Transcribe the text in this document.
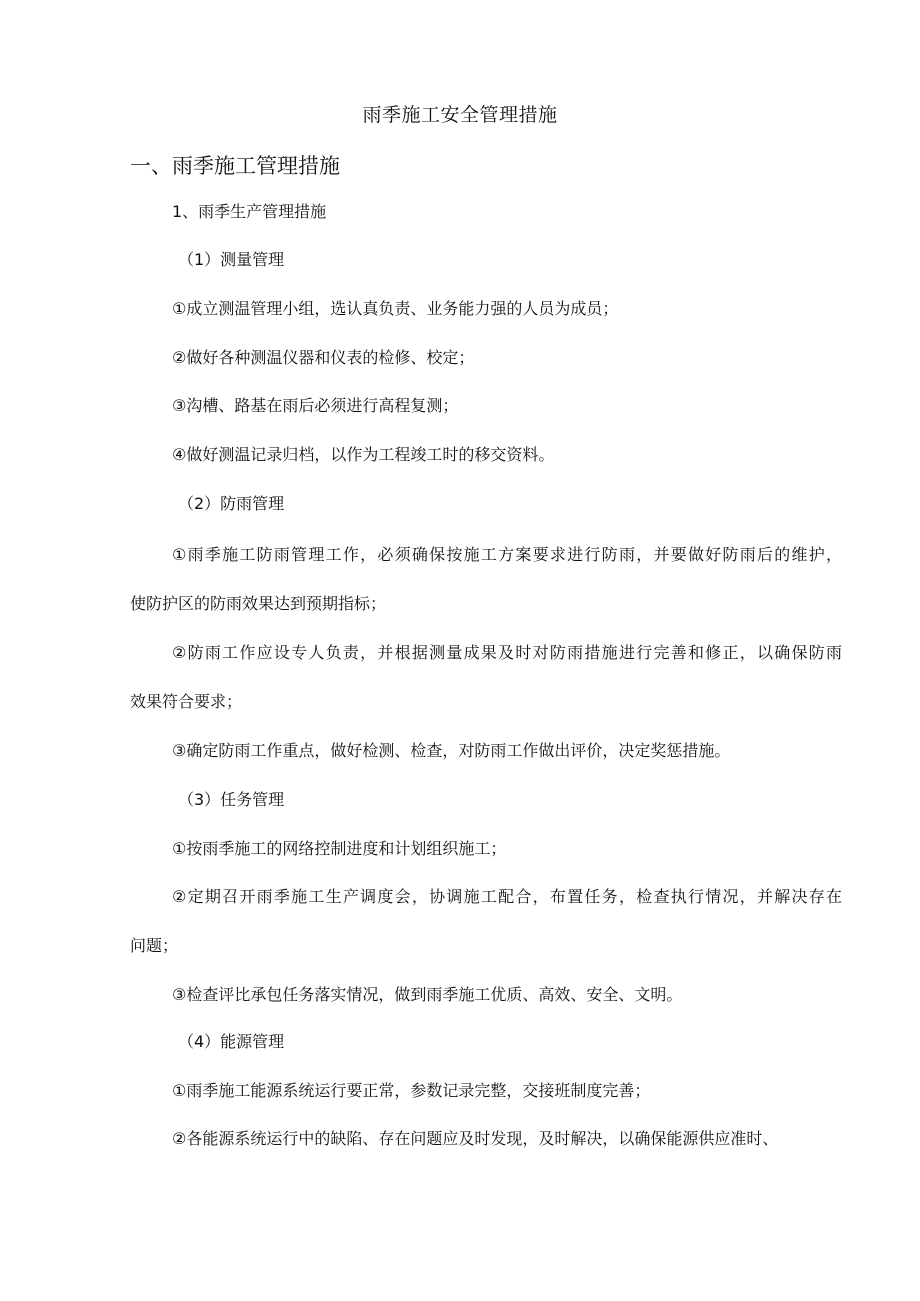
雨季施工安全管理措施
一、雨季施工管理措施
1、雨季生产管理措施
（1）测量管理
①成立测温管理小组，选认真负责、业务能力强的人员为成员；
②做好各种测温仪器和仪表的检修、校定；
③沟槽、路基在雨后必须进行高程复测；
④做好测温记录归档，以作为工程竣工时的移交资料。
（2）防雨管理
①雨季施工防雨管理工作，必须确保按施工方案要求进行防雨，并要做好防雨后的维护，
使防护区的防雨效果达到预期指标；
②防雨工作应设专人负责，并根据测量成果及时对防雨措施进行完善和修正，以确保防雨
效果符合要求；
③确定防雨工作重点，做好检测、检查，对防雨工作做出评价，决定奖惩措施。
（3）任务管理
①按雨季施工的网络控制进度和计划组织施工；
②定期召开雨季施工生产调度会，协调施工配合，布置任务，检查执行情况，并解决存在
问题；
③检查评比承包任务落实情况，做到雨季施工优质、高效、安全、文明。
（4）能源管理
①雨季施工能源系统运行要正常，参数记录完整，交接班制度完善；
②各能源系统运行中的缺陷、存在问题应及时发现，及时解决，以确保能源供应准时、
